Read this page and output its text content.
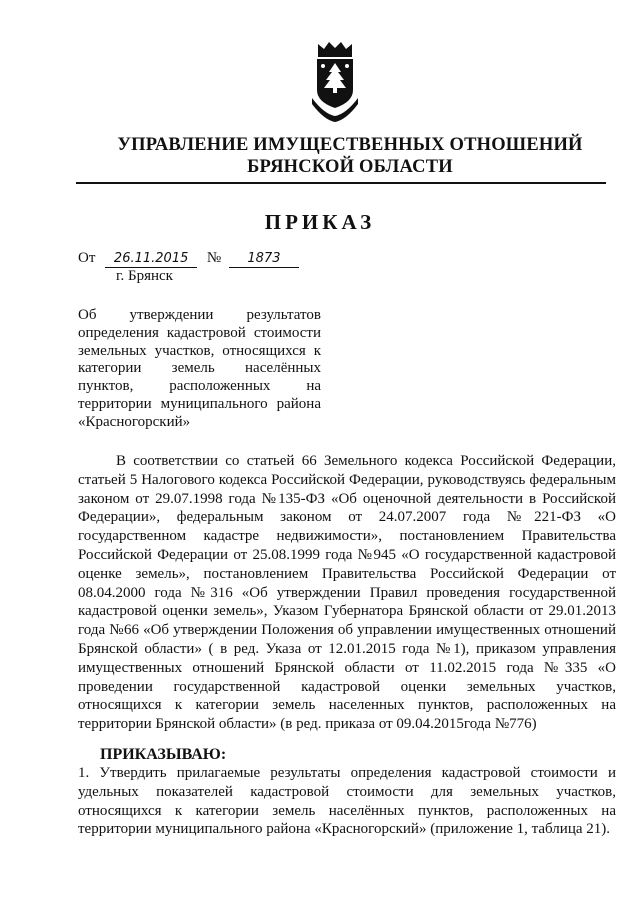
УПРАВЛЕНИЕ ИМУЩЕСТВЕННЫХ ОТНОШЕНИЙ
БРЯНСКОЙ ОБЛАСТИ
ПРИКАЗ
От 26.11.2015 № 1873
г. Брянск
Об утверждении результатов
определения кадастровой стоимости
земельных участков, относящихся к
категории земель населённых
пунктов, расположенных на
территории муниципального района
«Красногорский»

В соответствии со статьей 66 Земельного кодекса Российской Федерации, статьей 5 Налогового кодекса Российской Федерации, руководствуясь федеральным законом от 29.07.1998 года №135-ФЗ «Об оценочной деятельности в Российской Федерации», федеральным законом от 24.07.2007 года №221-ФЗ «О государственном кадастре недвижимости», постановлением Правительства Российской Федерации от 25.08.1999 года №945 «О государственной кадастровой оценке земель», постановлением Правительства Российской Федерации от 08.04.2000 года №316 «Об утверждении Правил проведения государственной кадастровой оценки земель», Указом Губернатора Брянской области от 29.01.2013 года №66 «Об утверждении Положения об управлении имущественных отношений Брянской области» ( в ред. Указа от 12.01.2015 года №1), приказом управления имущественных отношений Брянской области от 11.02.2015 года №335 «О проведении государственной кадастровой оценки земельных участков, относящихся к категории земель населенных пунктов, расположенных на территории Брянской области» (в ред. приказа от 09.04.2015года №776)

ПРИКАЗЫВАЮ:

1. Утвердить прилагаемые результаты определения кадастровой стоимости и удельных показателей кадастровой стоимости для земельных участков, относящихся к категории земель населённых пунктов, расположенных на территории муниципального района «Красногорский» (приложение 1, таблица 21).
